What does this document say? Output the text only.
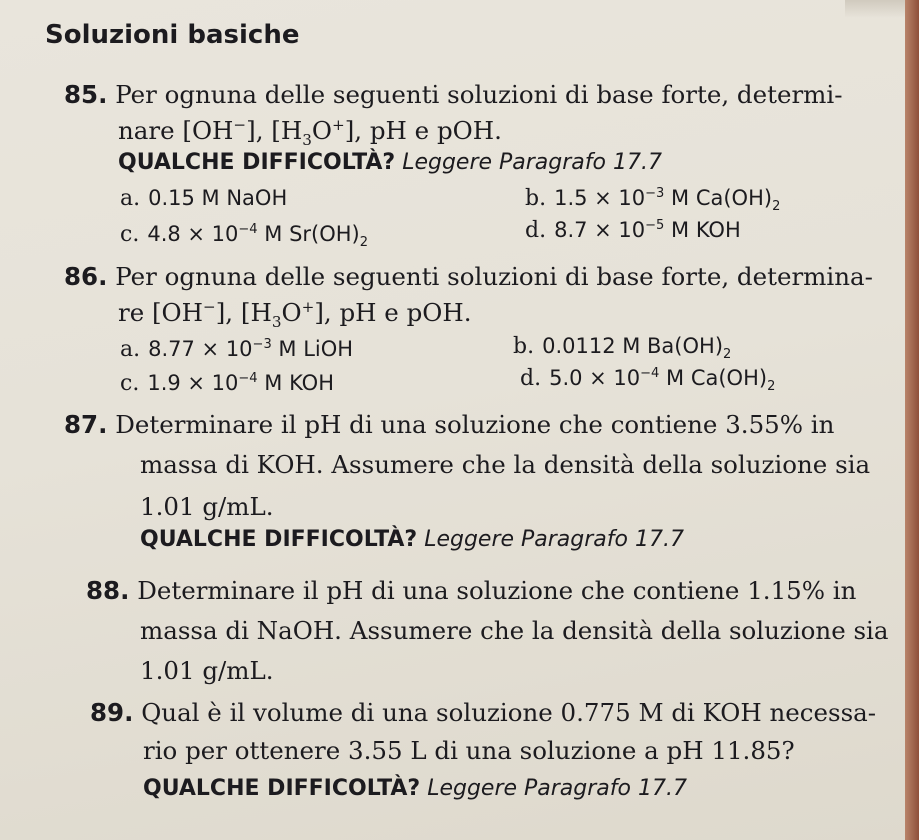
Soluzioni basiche
85. Per ognuna delle seguenti soluzioni di base forte, determi-
nare [OH−], $[H_3O^+]$, pH e pOH.
QUALCHE DIFFICOLTÀ? Leggere Paragrafo 17.7
a. 0.15 M NaOH	b. $1.5 \times 10^{-3}$ M $Ca(OH)_2$
c. $4.8 \times 10^{-4}$ M $Sr(OH)_2$	d. $8.7 \times 10^{-5}$ M KOH
86. Per ognuna delle seguenti soluzioni di base forte, determina-
re [OH−], $[H_3O^+]$, pH e pOH.
a. $8.77 \times 10^{-3}$ M LiOH	b. 0.0112 M $Ba(OH)_2$
c. $1.9 \times 10^{-4}$ M KOH	d. $5.0 \times 10^{-4}$ M $Ca(OH)_2$
87. Determinare il pH di una soluzione che contiene 3.55% in
massa di KOH. Assumere che la densità della soluzione sia
1.01 g/mL.
QUALCHE DIFFICOLTÀ? Leggere Paragrafo 17.7
88. Determinare il pH di una soluzione che contiene 1.15% in
massa di NaOH. Assumere che la densità della soluzione sia
1.01 g/mL.
89. Qual è il volume di una soluzione 0.775 M di KOH necessa-
rio per ottenere 3.55 L di una soluzione a pH 11.85?
QUALCHE DIFFICOLTÀ? Leggere Paragrafo 17.7
